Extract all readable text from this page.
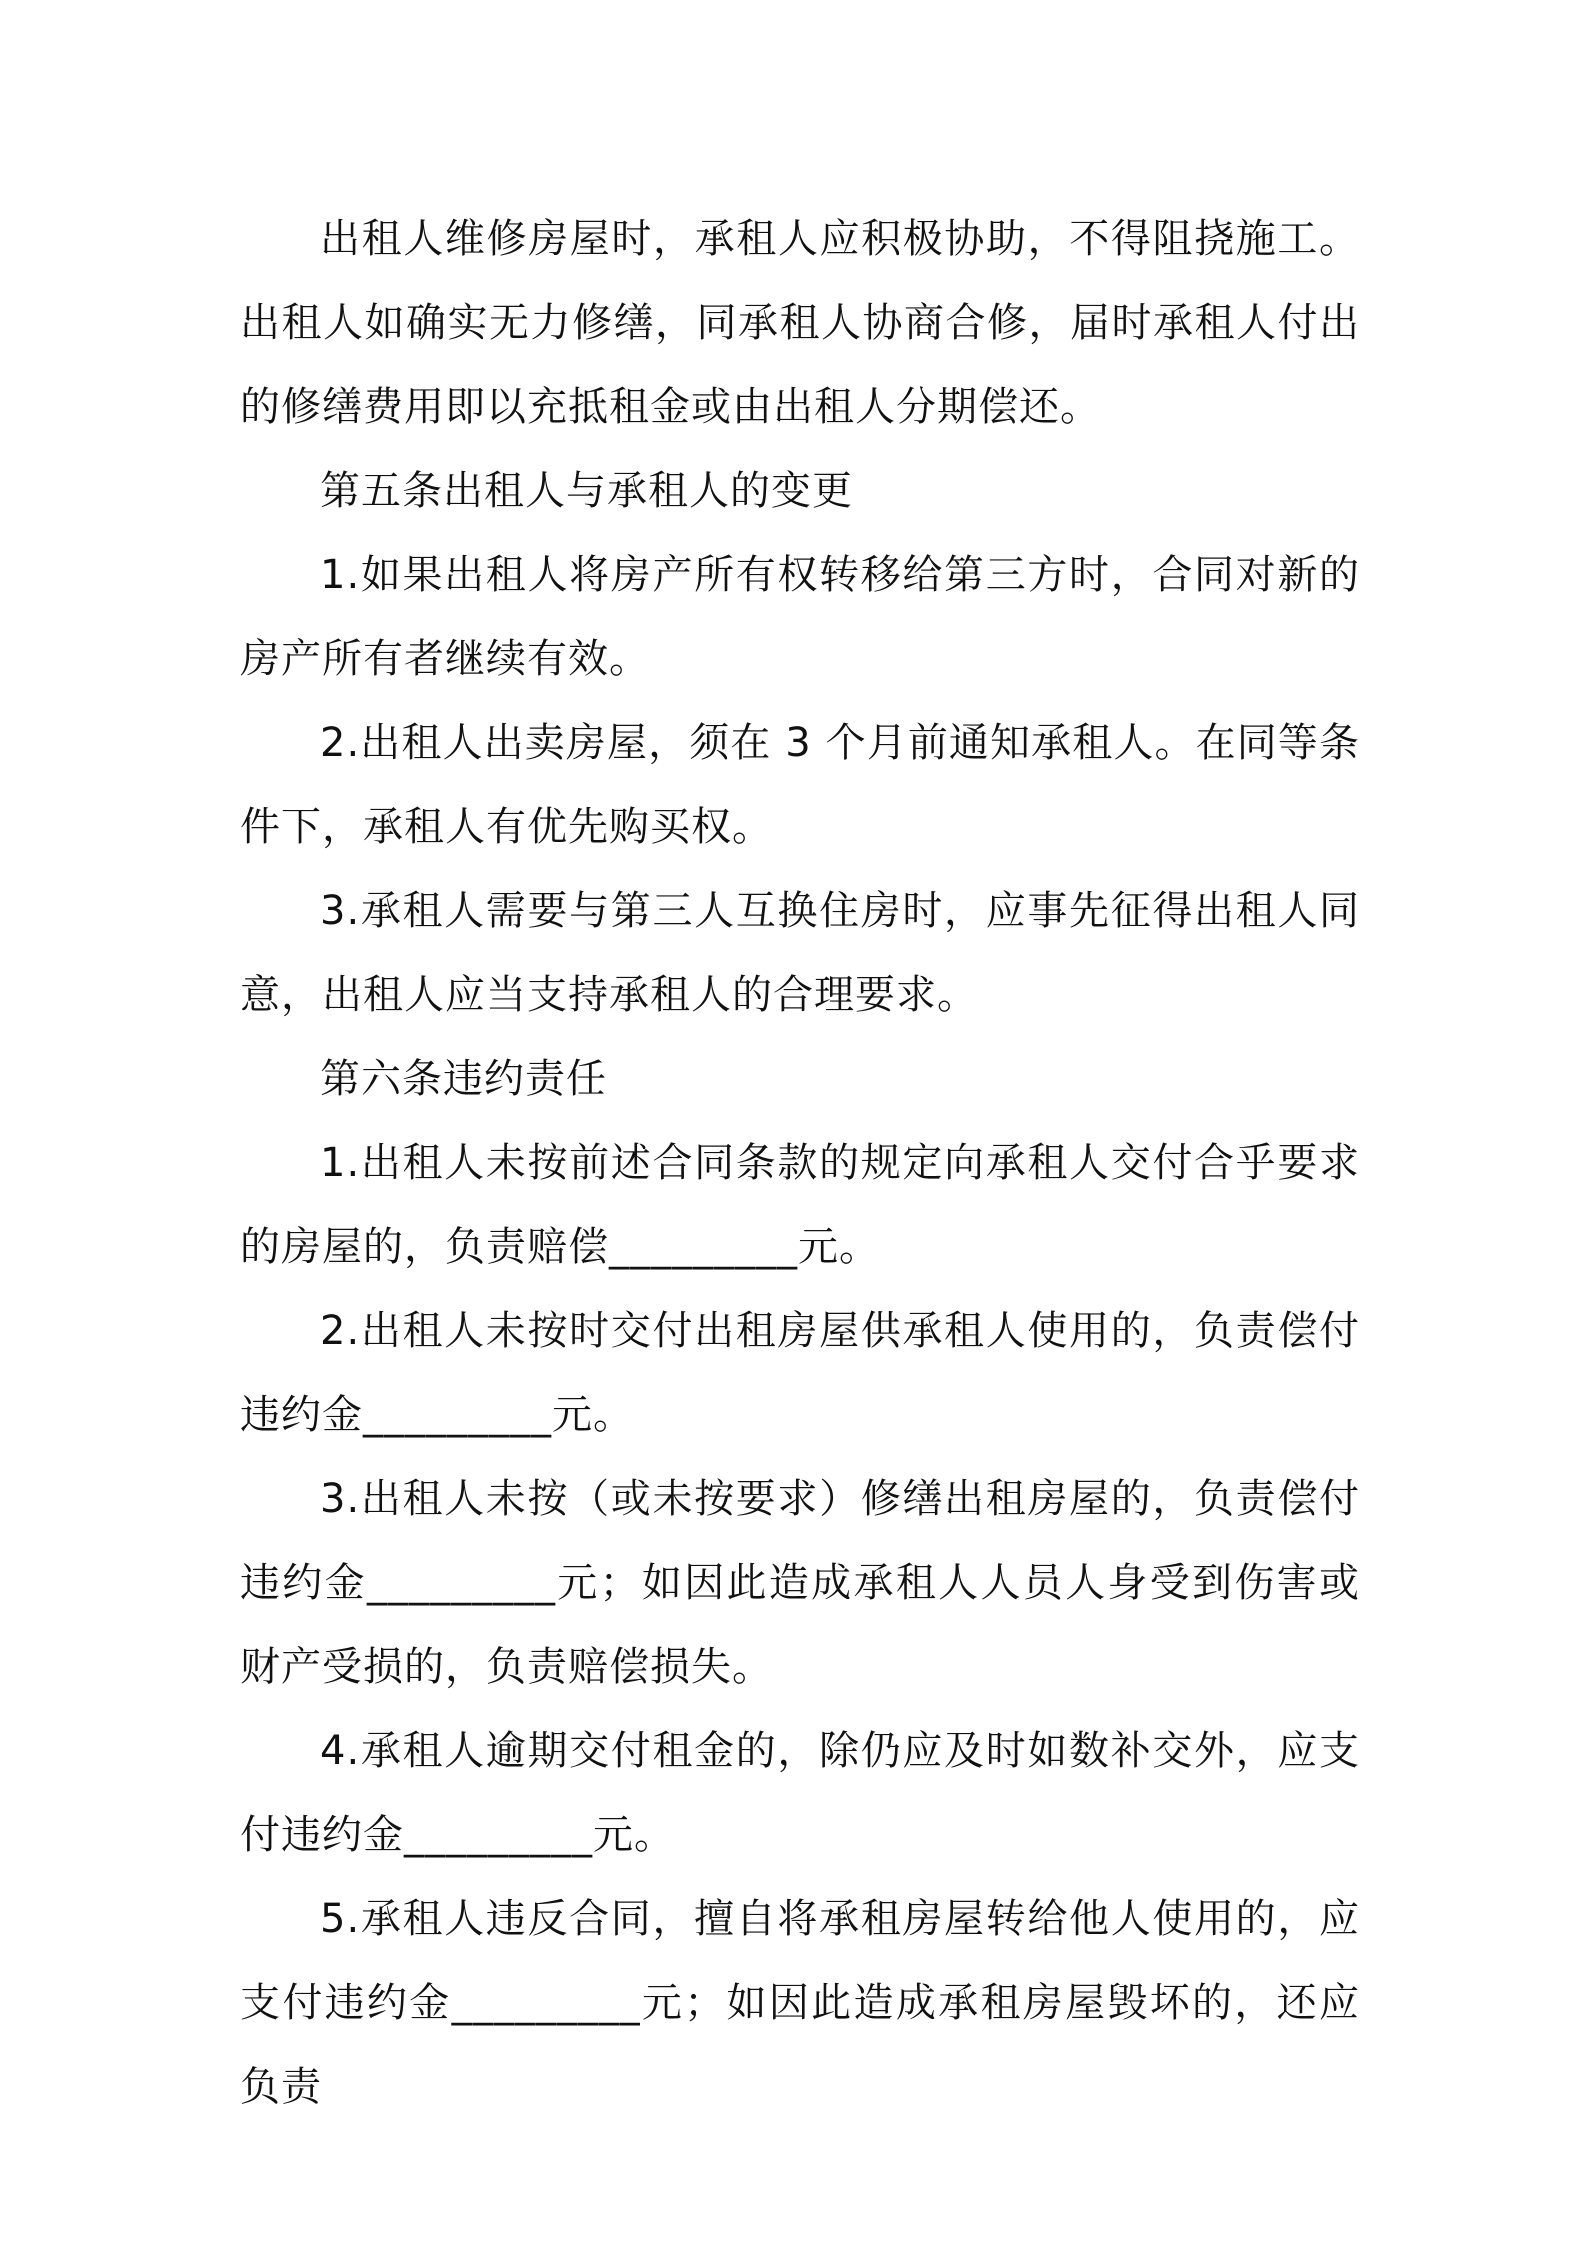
出租人维修房屋时，承租人应积极协助，不得阻挠施工。出租人如确实无力修缮，同承租人协商合修，届时承租人付出的修缮费用即以充抵租金或由出租人分期偿还。

第五条出租人与承租人的变更

1.如果出租人将房产所有权转移给第三方时，合同对新的房产所有者继续有效。

2.出租人出卖房屋，须在 3 个月前通知承租人。在同等条件下，承租人有优先购买权。

3.承租人需要与第三人互换住房时，应事先征得出租人同意，出租人应当支持承租人的合理要求。

第六条违约责任

1.出租人未按前述合同条款的规定向承租人交付合乎要求的房屋的，负责赔偿_________元。

2.出租人未按时交付出租房屋供承租人使用的，负责偿付违约金_________元。

3.出租人未按（或未按要求）修缮出租房屋的，负责偿付违约金_________元；如因此造成承租人人员人身受到伤害或财产受损的，负责赔偿损失。

4.承租人逾期交付租金的，除仍应及时如数补交外，应支付违约金_________元。

5.承租人违反合同，擅自将承租房屋转给他人使用的，应支付违约金_________元；如因此造成承租房屋毁坏的，还应负责
